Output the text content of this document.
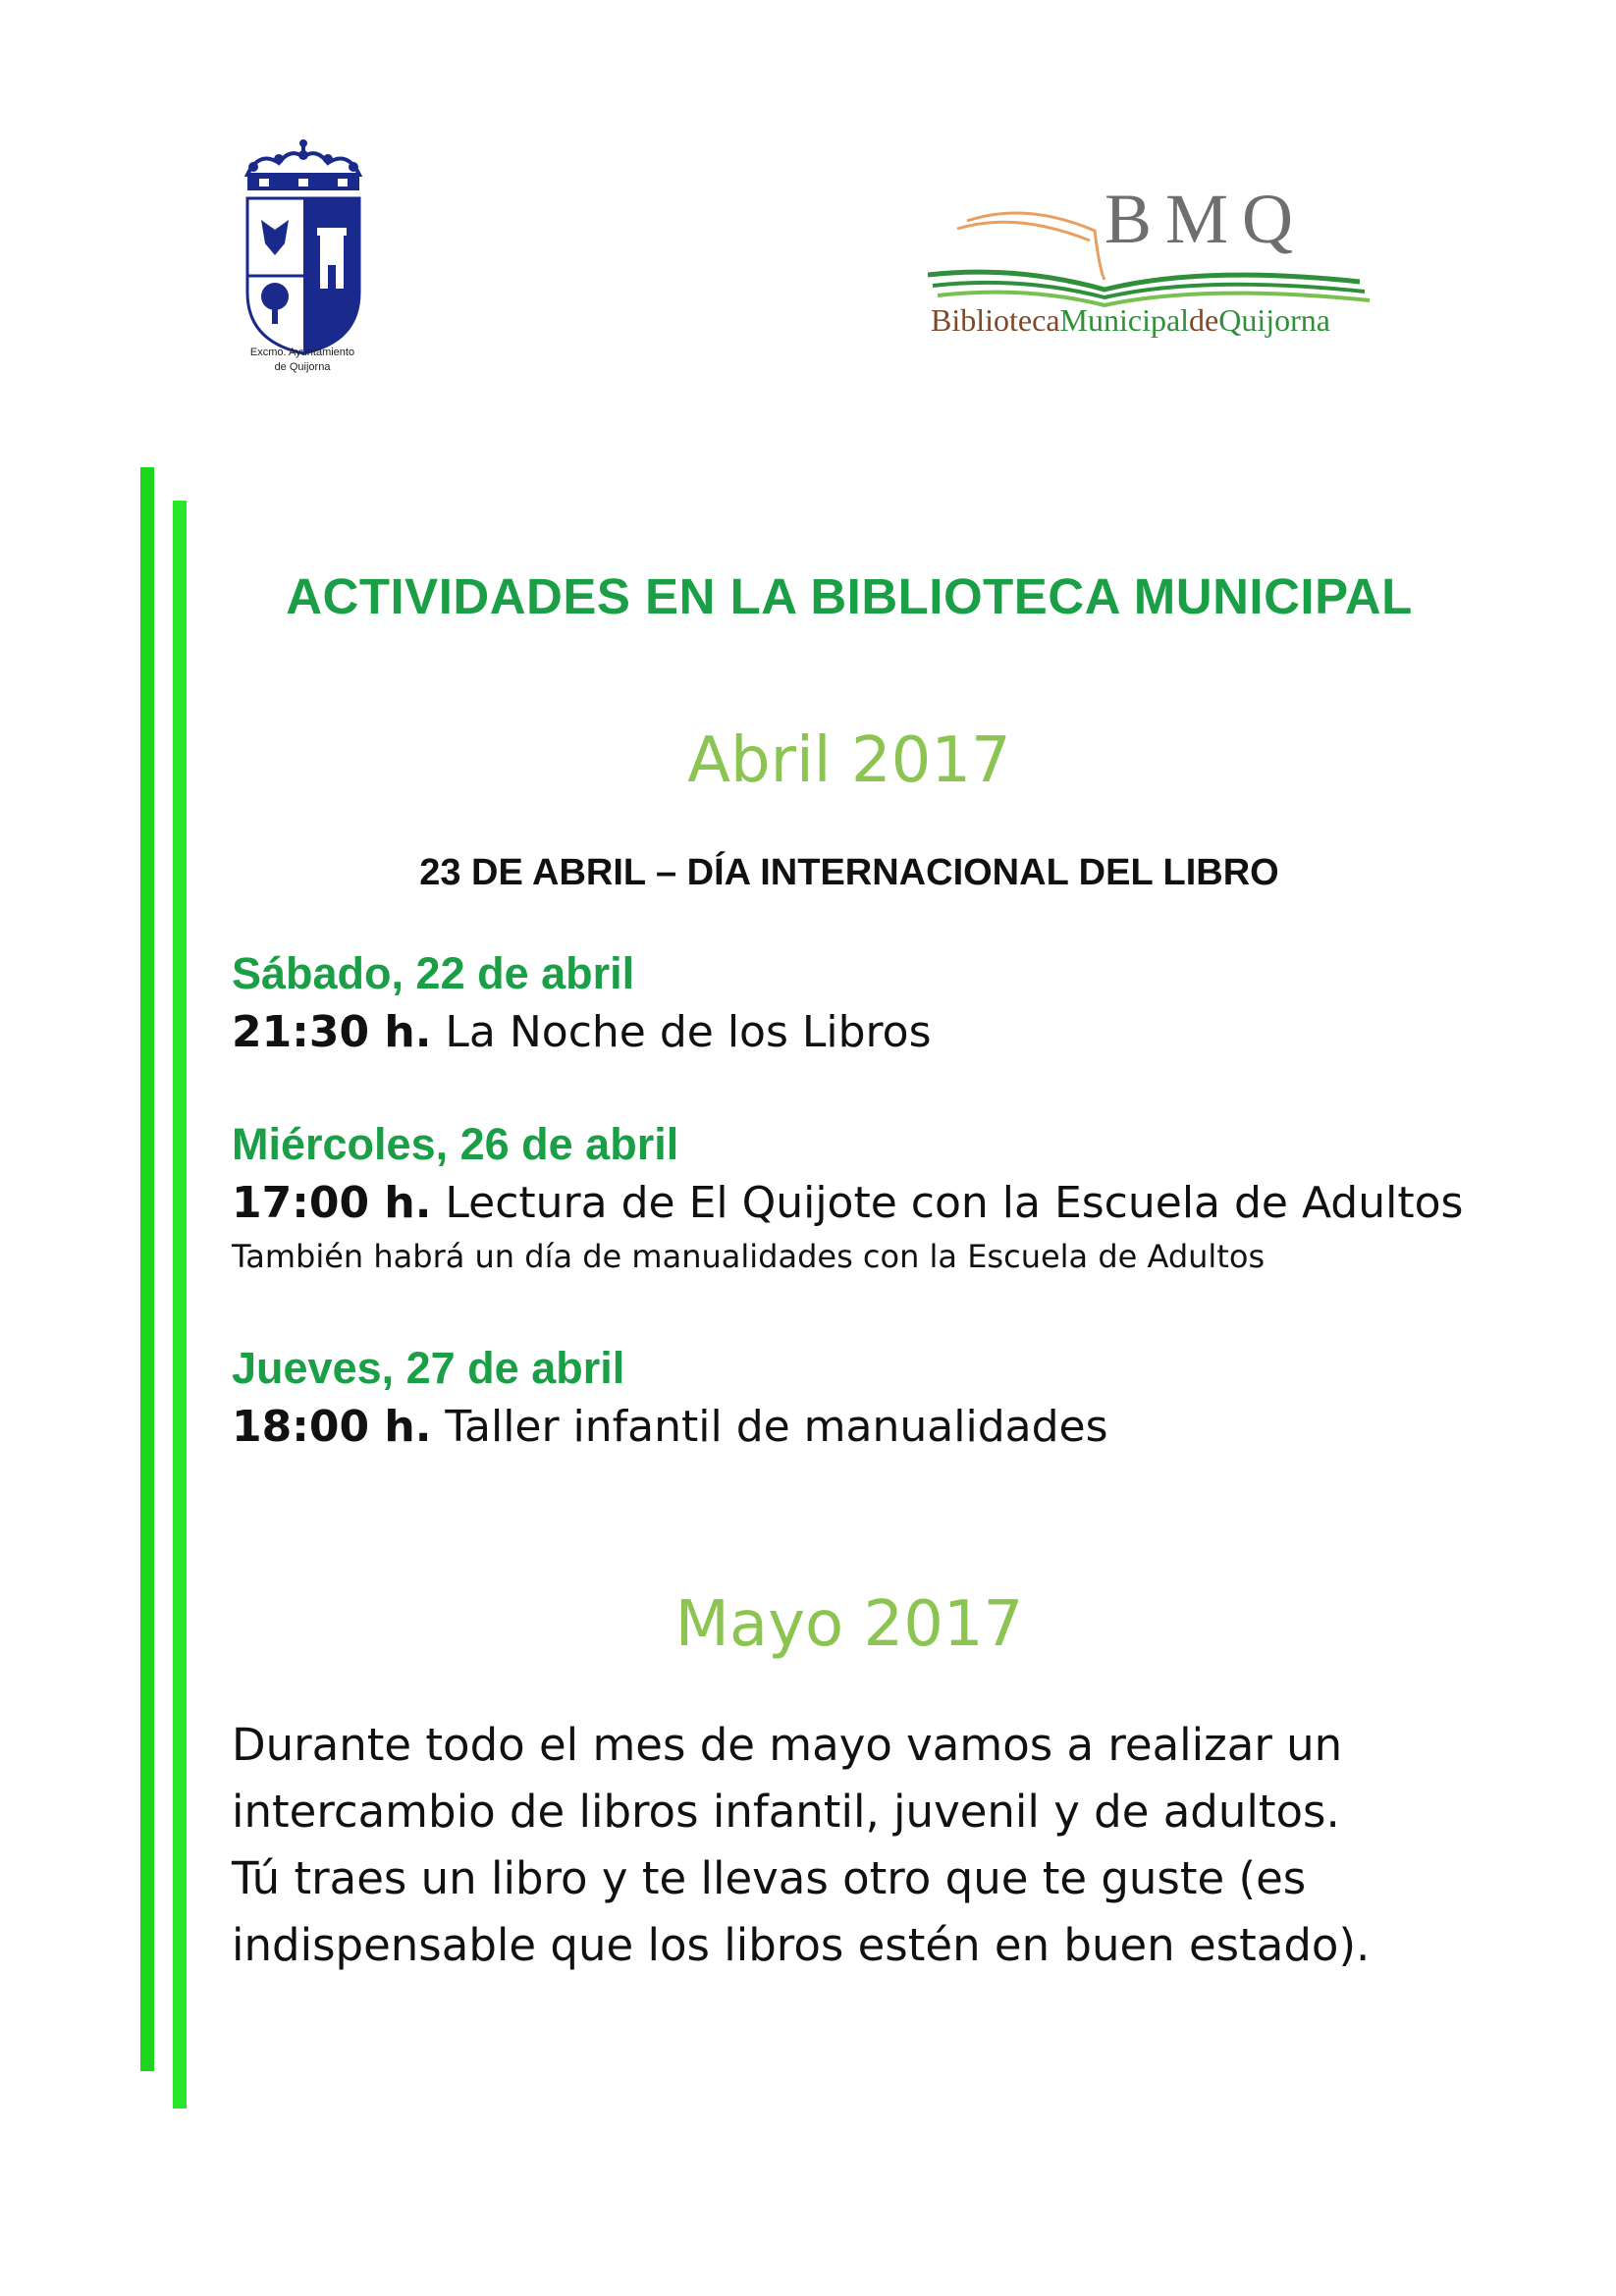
Excmo. Ayuntamiento
de Quijorna
BMQ
BibliotecaMunicipaldeQuijorna
ACTIVIDADES EN LA BIBLIOTECA MUNICIPAL
Abril 2017
23 DE ABRIL – DÍA INTERNACIONAL DEL LIBRO
Sábado, 22 de abril
21:30 h. La Noche de los Libros
Miércoles, 26 de abril
17:00 h. Lectura de El Quijote con la Escuela de Adultos
También habrá un día de manualidades con la Escuela de Adultos
Jueves, 27 de abril
18:00 h. Taller infantil de manualidades
Mayo 2017
Durante todo el mes de mayo vamos a realizar un
intercambio de libros infantil, juvenil y de adultos.
Tú traes un libro y te llevas otro que te guste (es
indispensable que los libros estén en buen estado).
